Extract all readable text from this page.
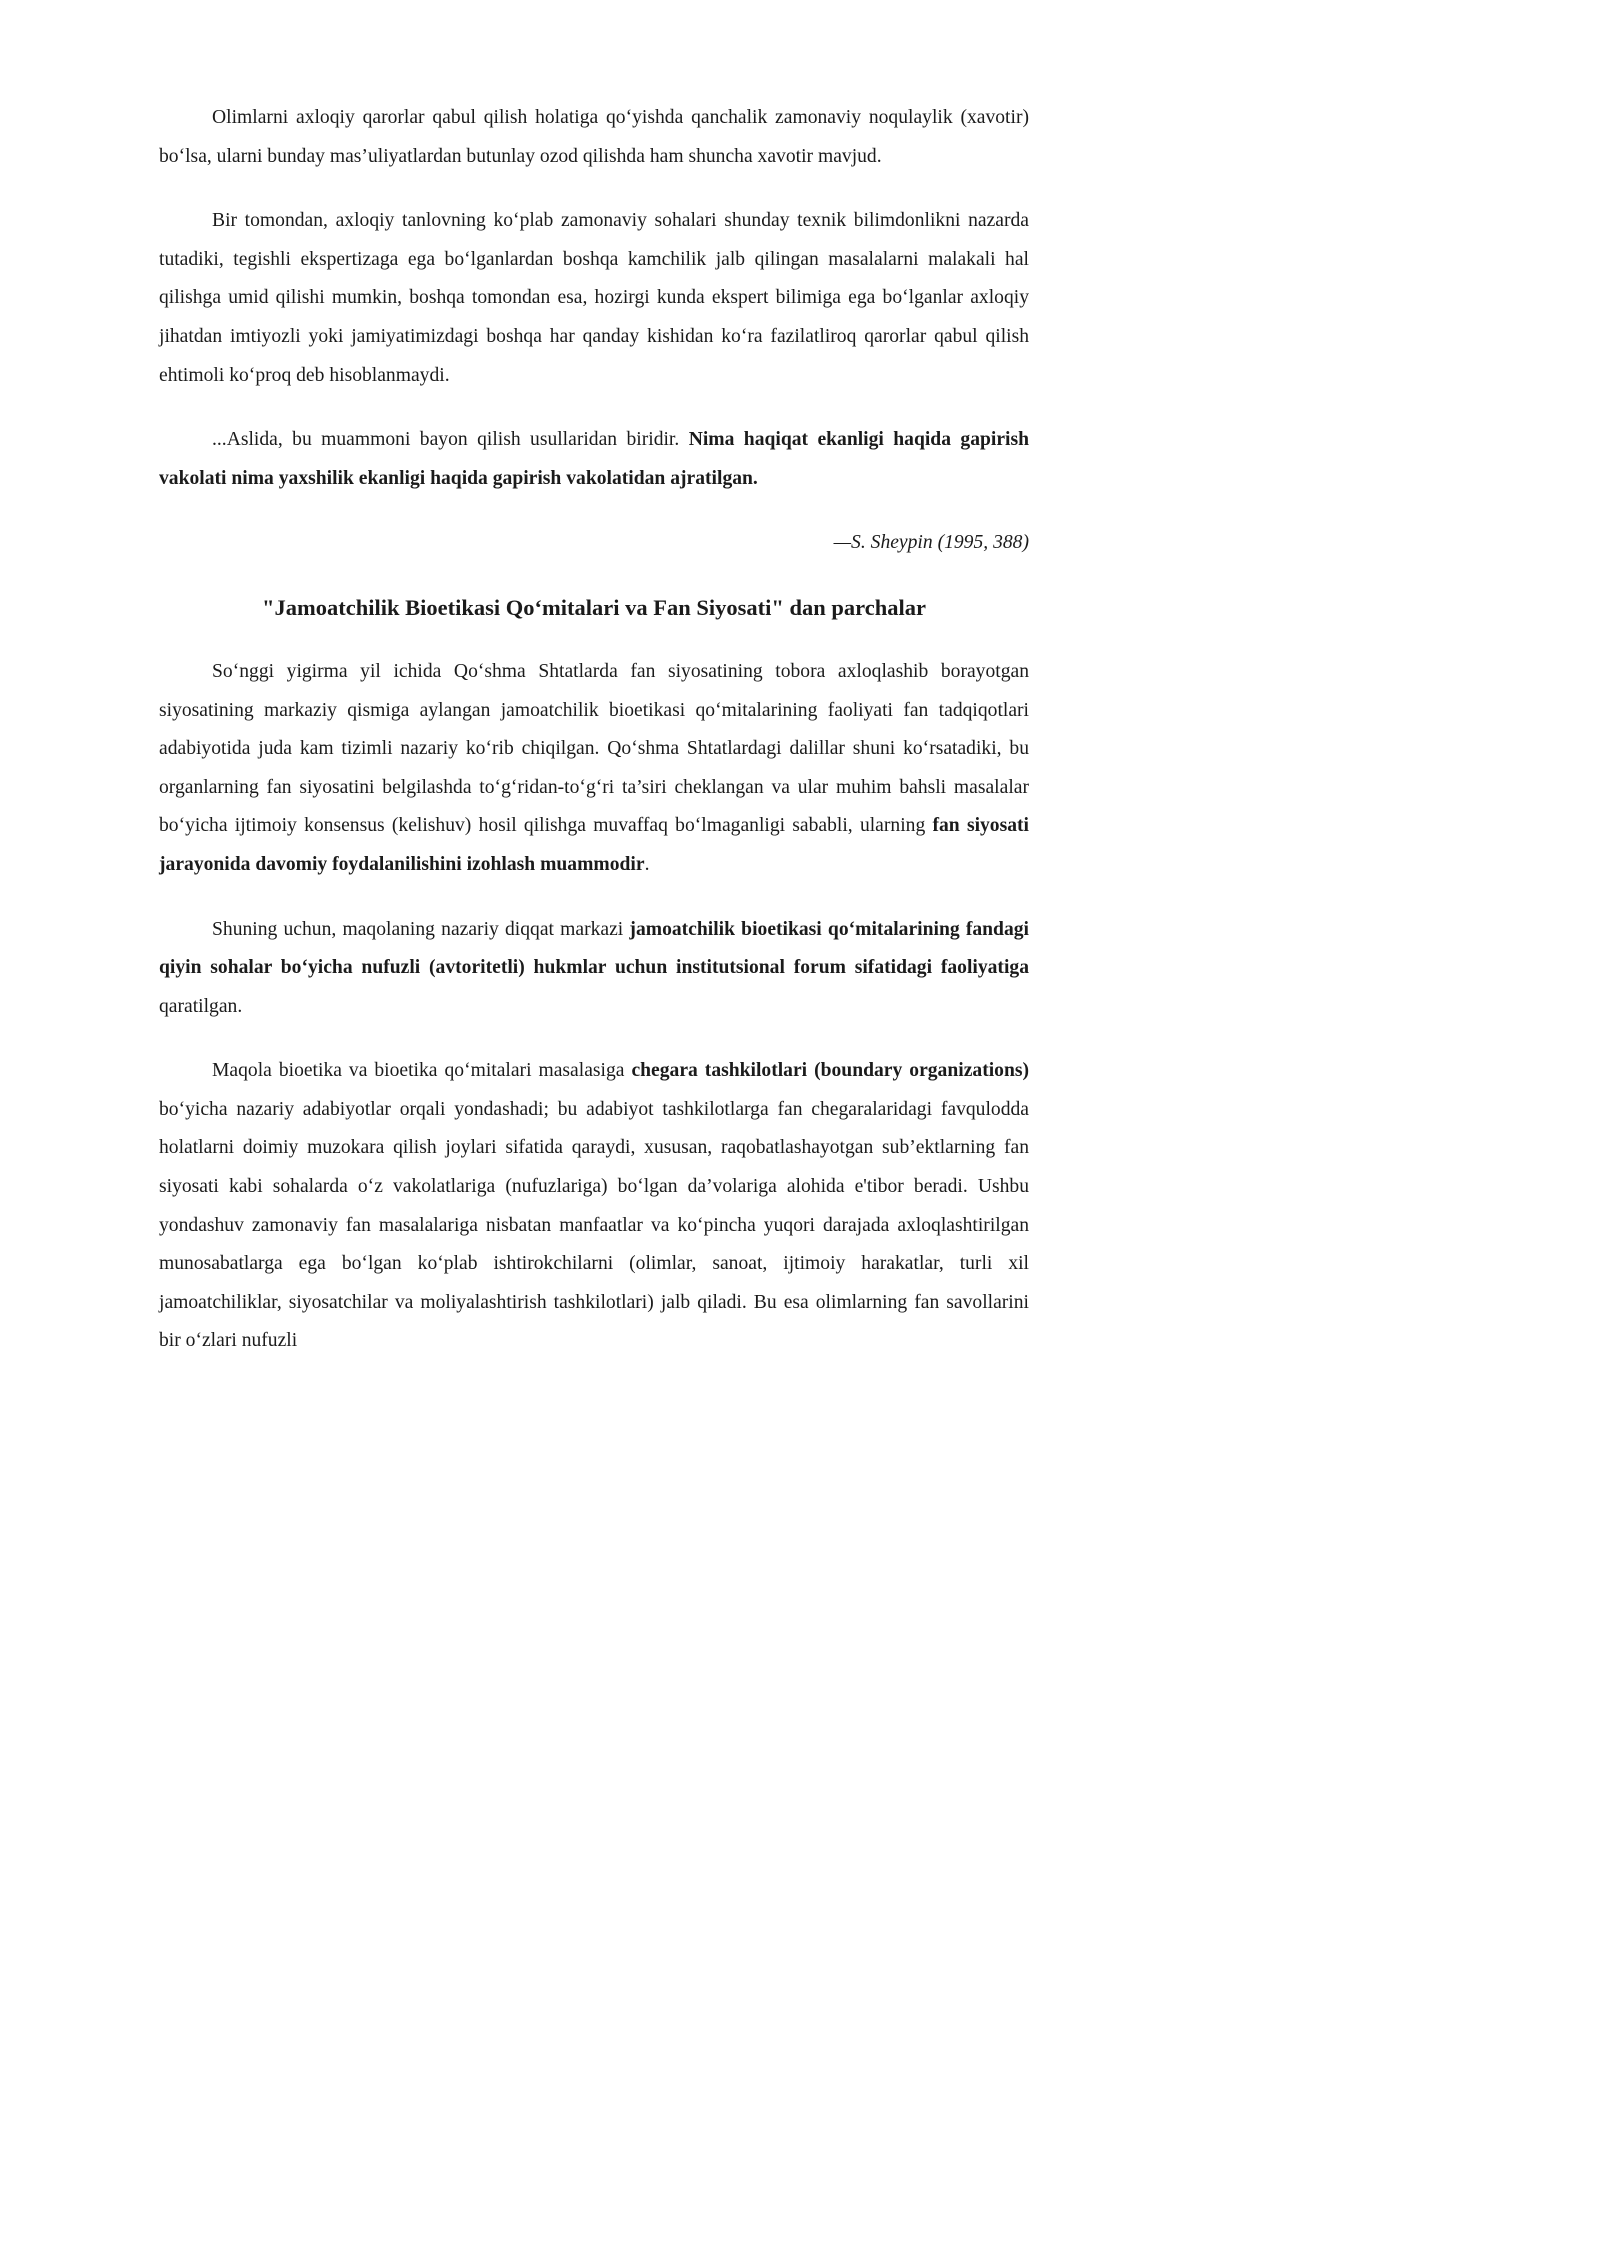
Olimlarni axloqiy qarorlar qabul qilish holatiga qo‘yishda qanchalik zamonaviy noqulaylik (xavotir) bo‘lsa, ularni bunday mas’uliyatlardan butunlay ozod qilishda ham shuncha xavotir mavjud.

Bir tomondan, axloqiy tanlovning ko‘plab zamonaviy sohalari shunday texnik bilimdonlikni nazarda tutadiki, tegishli ekspertizaga ega bo‘lganlardan boshqa kamchilik jalb qilingan masalalarni malakali hal qilishga umid qilishi mumkin, boshqa tomondan esa, hozirgi kunda ekspert bilimiga ega bo‘lganlar axloqiy jihatdan imtiyozli yoki jamiyatimizdagi boshqa har qanday kishidan ko‘ra fazilatliroq qarorlar qabul qilish ehtimoli ko‘proq deb hisoblanmaydi.

...Aslida, bu muammoni bayon qilish usullaridan biridir. Nima haqiqat ekanligi haqida gapirish vakolati nima yaxshilik ekanligi haqida gapirish vakolatidan ajratilgan.

—S. Sheypin (1995, 388)

"Jamoatchilik Bioetikasi Qo‘mitalari va Fan Siyosati" dan parchalar

So‘nggi yigirma yil ichida Qo‘shma Shtatlarda fan siyosatining tobora axloqlashib borayotgan siyosatining markaziy qismiga aylangan jamoatchilik bioetikasi qo‘mitalarining faoliyati fan tadqiqotlari adabiyotida juda kam tizimli nazariy ko‘rib chiqilgan. Qo‘shma Shtatlardagi dalillar shuni ko‘rsatadiki, bu organlarning fan siyosatini belgilashda to‘g‘ridan-to‘g‘ri ta’siri cheklangan va ular muhim bahsli masalalar bo‘yicha ijtimoiy konsensus (kelishuv) hosil qilishga muvaffaq bo‘lmaganligi sababli, ularning fan siyosati jarayonida davomiy foydalanilishini izohlash muammodir.

Shuning uchun, maqolaning nazariy diqqat markazi jamoatchilik bioetikasi qo‘mitalarining fandagi qiyin sohalar bo‘yicha nufuzli (avtoritetli) hukmlar uchun institutsional forum sifatidagi faoliyatiga qaratilgan.

Maqola bioetika va bioetika qo‘mitalari masalasiga chegara tashkilotlari (boundary organizations) bo‘yicha nazariy adabiyotlar orqali yondashadi; bu adabiyot tashkilotlarga fan chegaralaridagi favqulodda holatlarni doimiy muzokara qilish joylari sifatida qaraydi, xususan, raqobatlashayotgan sub’ektlarning fan siyosati kabi sohalarda o‘z vakolatlariga (nufuzlariga) bo‘lgan da’volariga alohida e'tibor beradi. Ushbu yondashuv zamonaviy fan masalalariga nisbatan manfaatlar va ko‘pincha yuqori darajada axloqlashtirilgan munosabatlarga ega bo‘lgan ko‘plab ishtirokchilarni (olimlar, sanoat, ijtimoiy harakatlar, turli xil jamoatchiliklar, siyosatchilar va moliyalashtirish tashkilotlari) jalb qiladi. Bu esa olimlarning fan savollarini bir o‘zlari nufuzli
